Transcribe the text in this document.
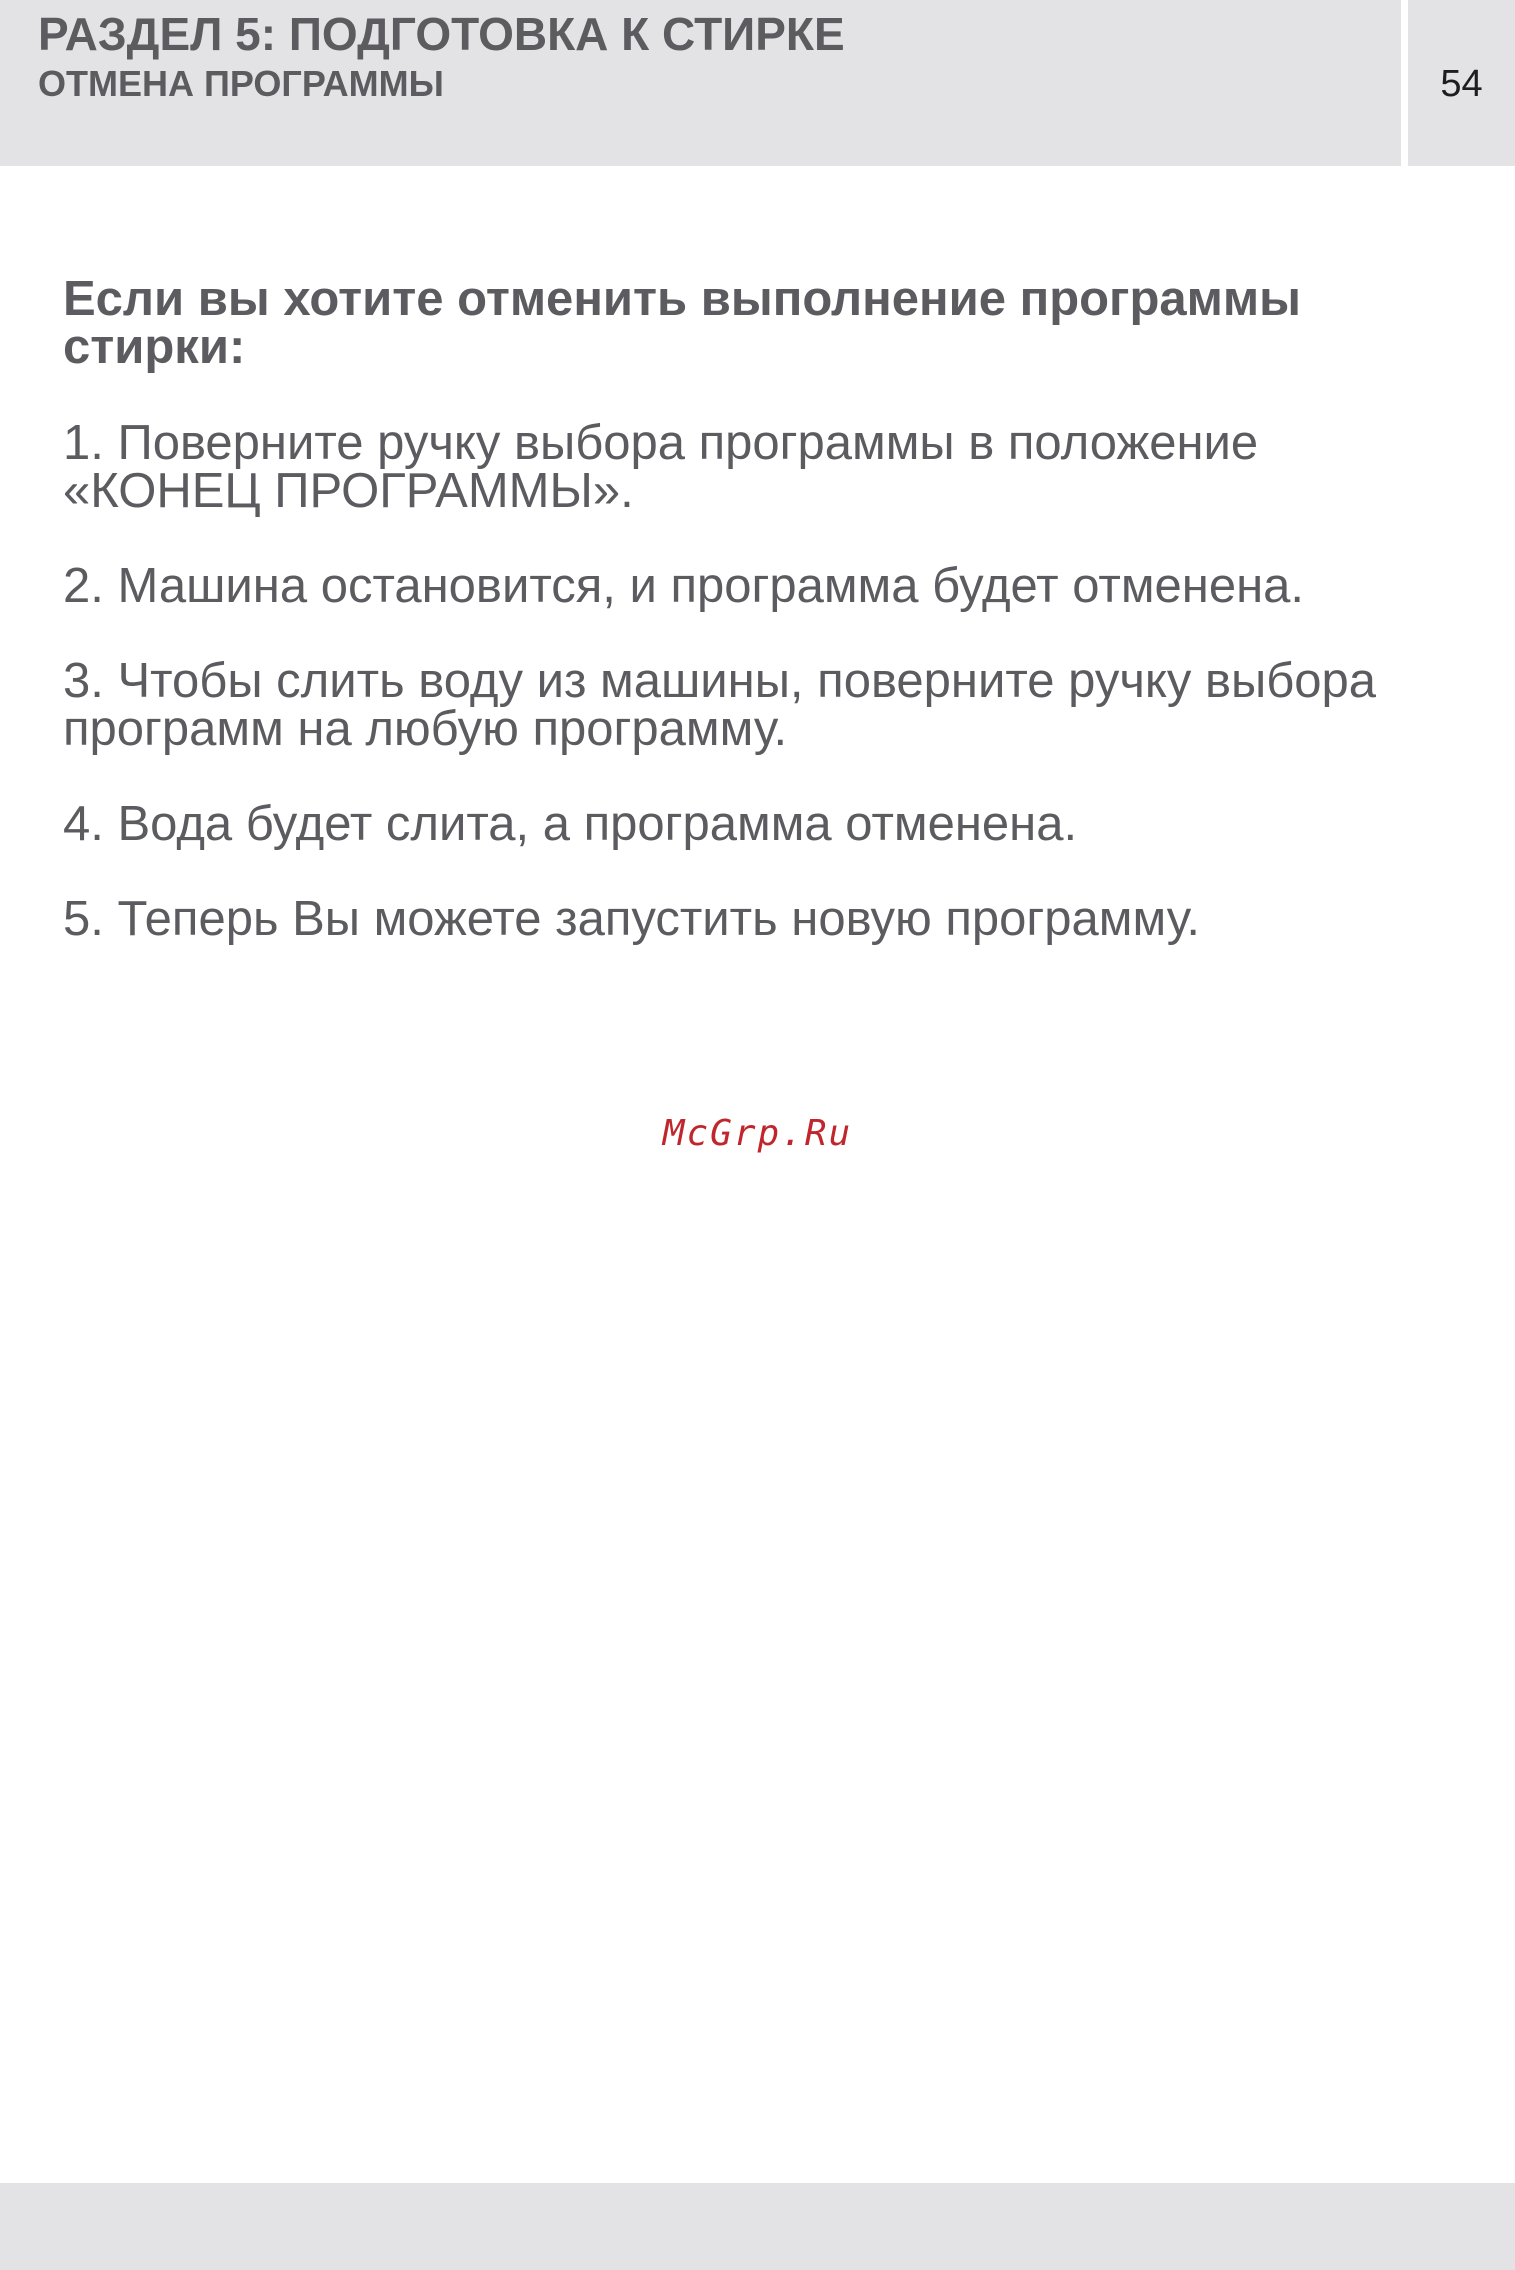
РАЗДЕЛ 5: ПОДГОТОВКА К СТИРКЕ
ОТМЕНА ПРОГРАММЫ	54

Если вы хотите отменить выполнение программы стирки:

1. Поверните ручку выбора программы в положение «КОНЕЦ ПРОГРАММЫ».
2. Машина остановится, и программа будет отменена.
3. Чтобы слить воду из машины, поверните ручку выбора программ на любую программу.
4. Вода будет слита, а программа отменена.
5. Теперь Вы можете запустить новую программу.
McGrp.Ru
